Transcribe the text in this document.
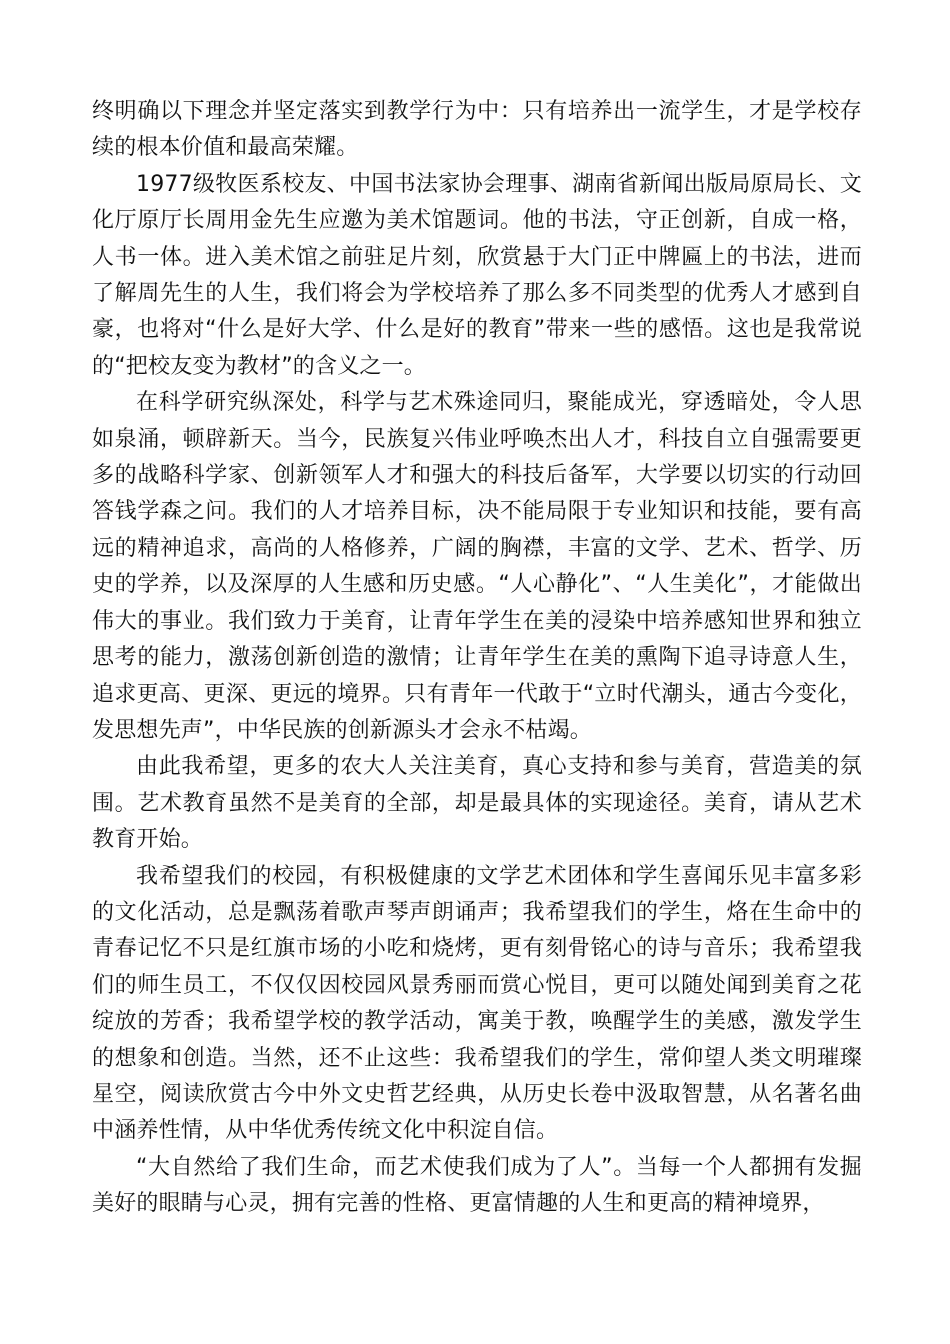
终明确以下理念并坚定落实到教学行为中：只有培养出一流学生，才是学校存续的根本价值和最高荣耀。

1977级牧医系校友、中国书法家协会理事、湖南省新闻出版局原局长、文化厅原厅长周用金先生应邀为美术馆题词。他的书法，守正创新，自成一格，人书一体。进入美术馆之前驻足片刻，欣赏悬于大门正中牌匾上的书法，进而了解周先生的人生，我们将会为学校培养了那么多不同类型的优秀人才感到自豪，也将对“什么是好大学、什么是好的教育”带来一些的感悟。这也是我常说的“把校友变为教材”的含义之一。

在科学研究纵深处，科学与艺术殊途同归，聚能成光，穿透暗处，令人思如泉涌，顿辟新天。当今，民族复兴伟业呼唤杰出人才，科技自立自强需要更多的战略科学家、创新领军人才和强大的科技后备军，大学要以切实的行动回答钱学森之问。我们的人才培养目标，决不能局限于专业知识和技能，要有高远的精神追求，高尚的人格修养，广阔的胸襟，丰富的文学、艺术、哲学、历史的学养，以及深厚的人生感和历史感。“人心静化”、“人生美化”，才能做出伟大的事业。我们致力于美育，让青年学生在美的浸染中培养感知世界和独立思考的能力，激荡创新创造的激情；让青年学生在美的熏陶下追寻诗意人生，追求更高、更深、更远的境界。只有青年一代敢于“立时代潮头，通古今变化，发思想先声”，中华民族的创新源头才会永不枯竭。

由此我希望，更多的农大人关注美育，真心支持和参与美育，营造美的氛围。艺术教育虽然不是美育的全部，却是最具体的实现途径。美育，请从艺术教育开始。

我希望我们的校园，有积极健康的文学艺术团体和学生喜闻乐见丰富多彩的文化活动，总是飘荡着歌声琴声朗诵声；我希望我们的学生，烙在生命中的青春记忆不只是红旗市场的小吃和烧烤，更有刻骨铭心的诗与音乐；我希望我们的师生员工，不仅仅因校园风景秀丽而赏心悦目，更可以随处闻到美育之花绽放的芳香；我希望学校的教学活动，寓美于教，唤醒学生的美感，激发学生的想象和创造。当然，还不止这些：我希望我们的学生，常仰望人类文明璀璨星空，阅读欣赏古今中外文史哲艺经典，从历史长卷中汲取智慧，从名著名曲中涵养性情，从中华优秀传统文化中积淀自信。

“大自然给了我们生命，而艺术使我们成为了人”。当每一个人都拥有发掘美好的眼睛与心灵，拥有完善的性格、更富情趣的人生和更高的精神境界，
